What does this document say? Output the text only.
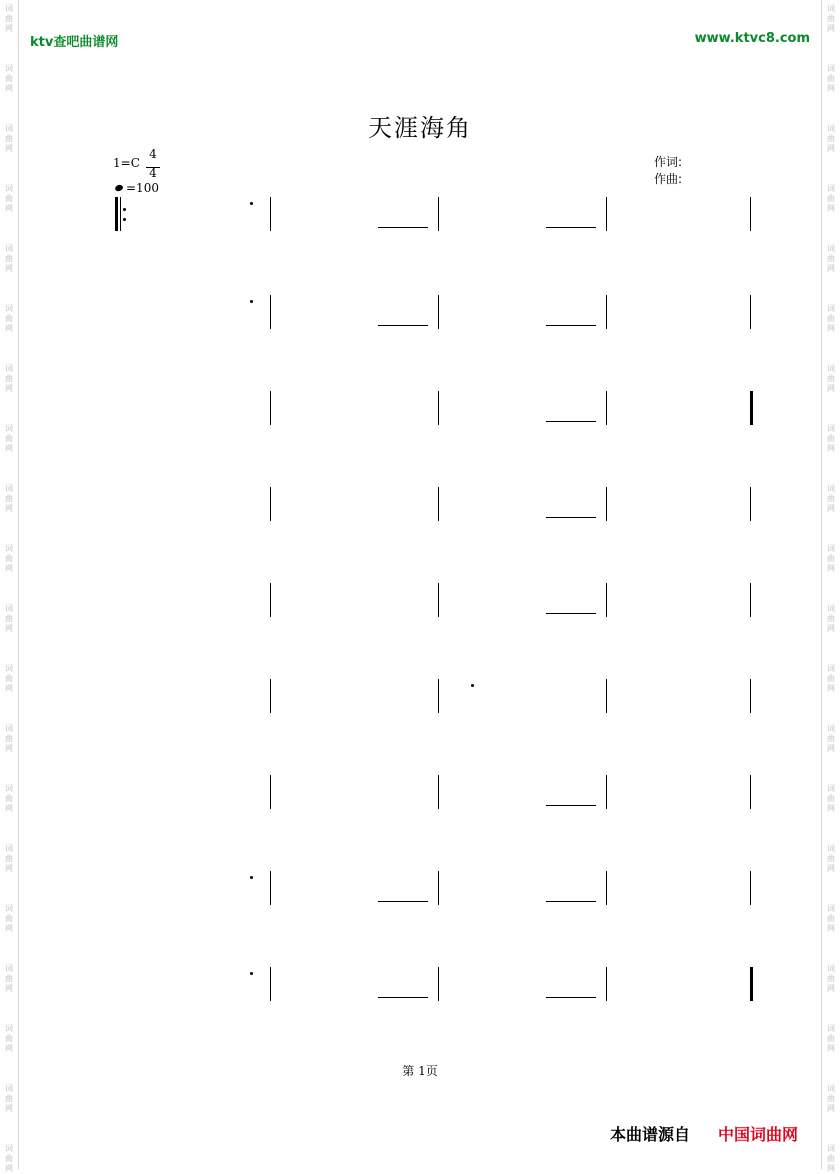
词
曲
网
词
曲
网
词
曲
网
词
曲
网
词
曲
网
词
曲
网
词
曲
网
词
曲
网
词
曲
网
词
曲
网
词
曲
网
词
曲
网
词
曲
网
词
曲
网
词
曲
网
词
曲
网
词
曲
网
词
曲
网
词
曲
网
词
曲
网
词
曲
网
词
曲
网
词
曲
网
词
曲
网
词
曲
网
词
曲
网
词
曲
网
词
曲
网
词
曲
网
词
曲
网
词
曲
网
词
曲
网
词
曲
网
词
曲
网
词
曲
网
词
曲
网
词
曲
网
词
曲
网
词
曲
网
词
曲
网
ktv查吧曲谱网	www.ktvc8.com
天涯海角
1=C
4
4
=100
作词:
作曲:
第 1页
本曲谱源自 中国词曲网
